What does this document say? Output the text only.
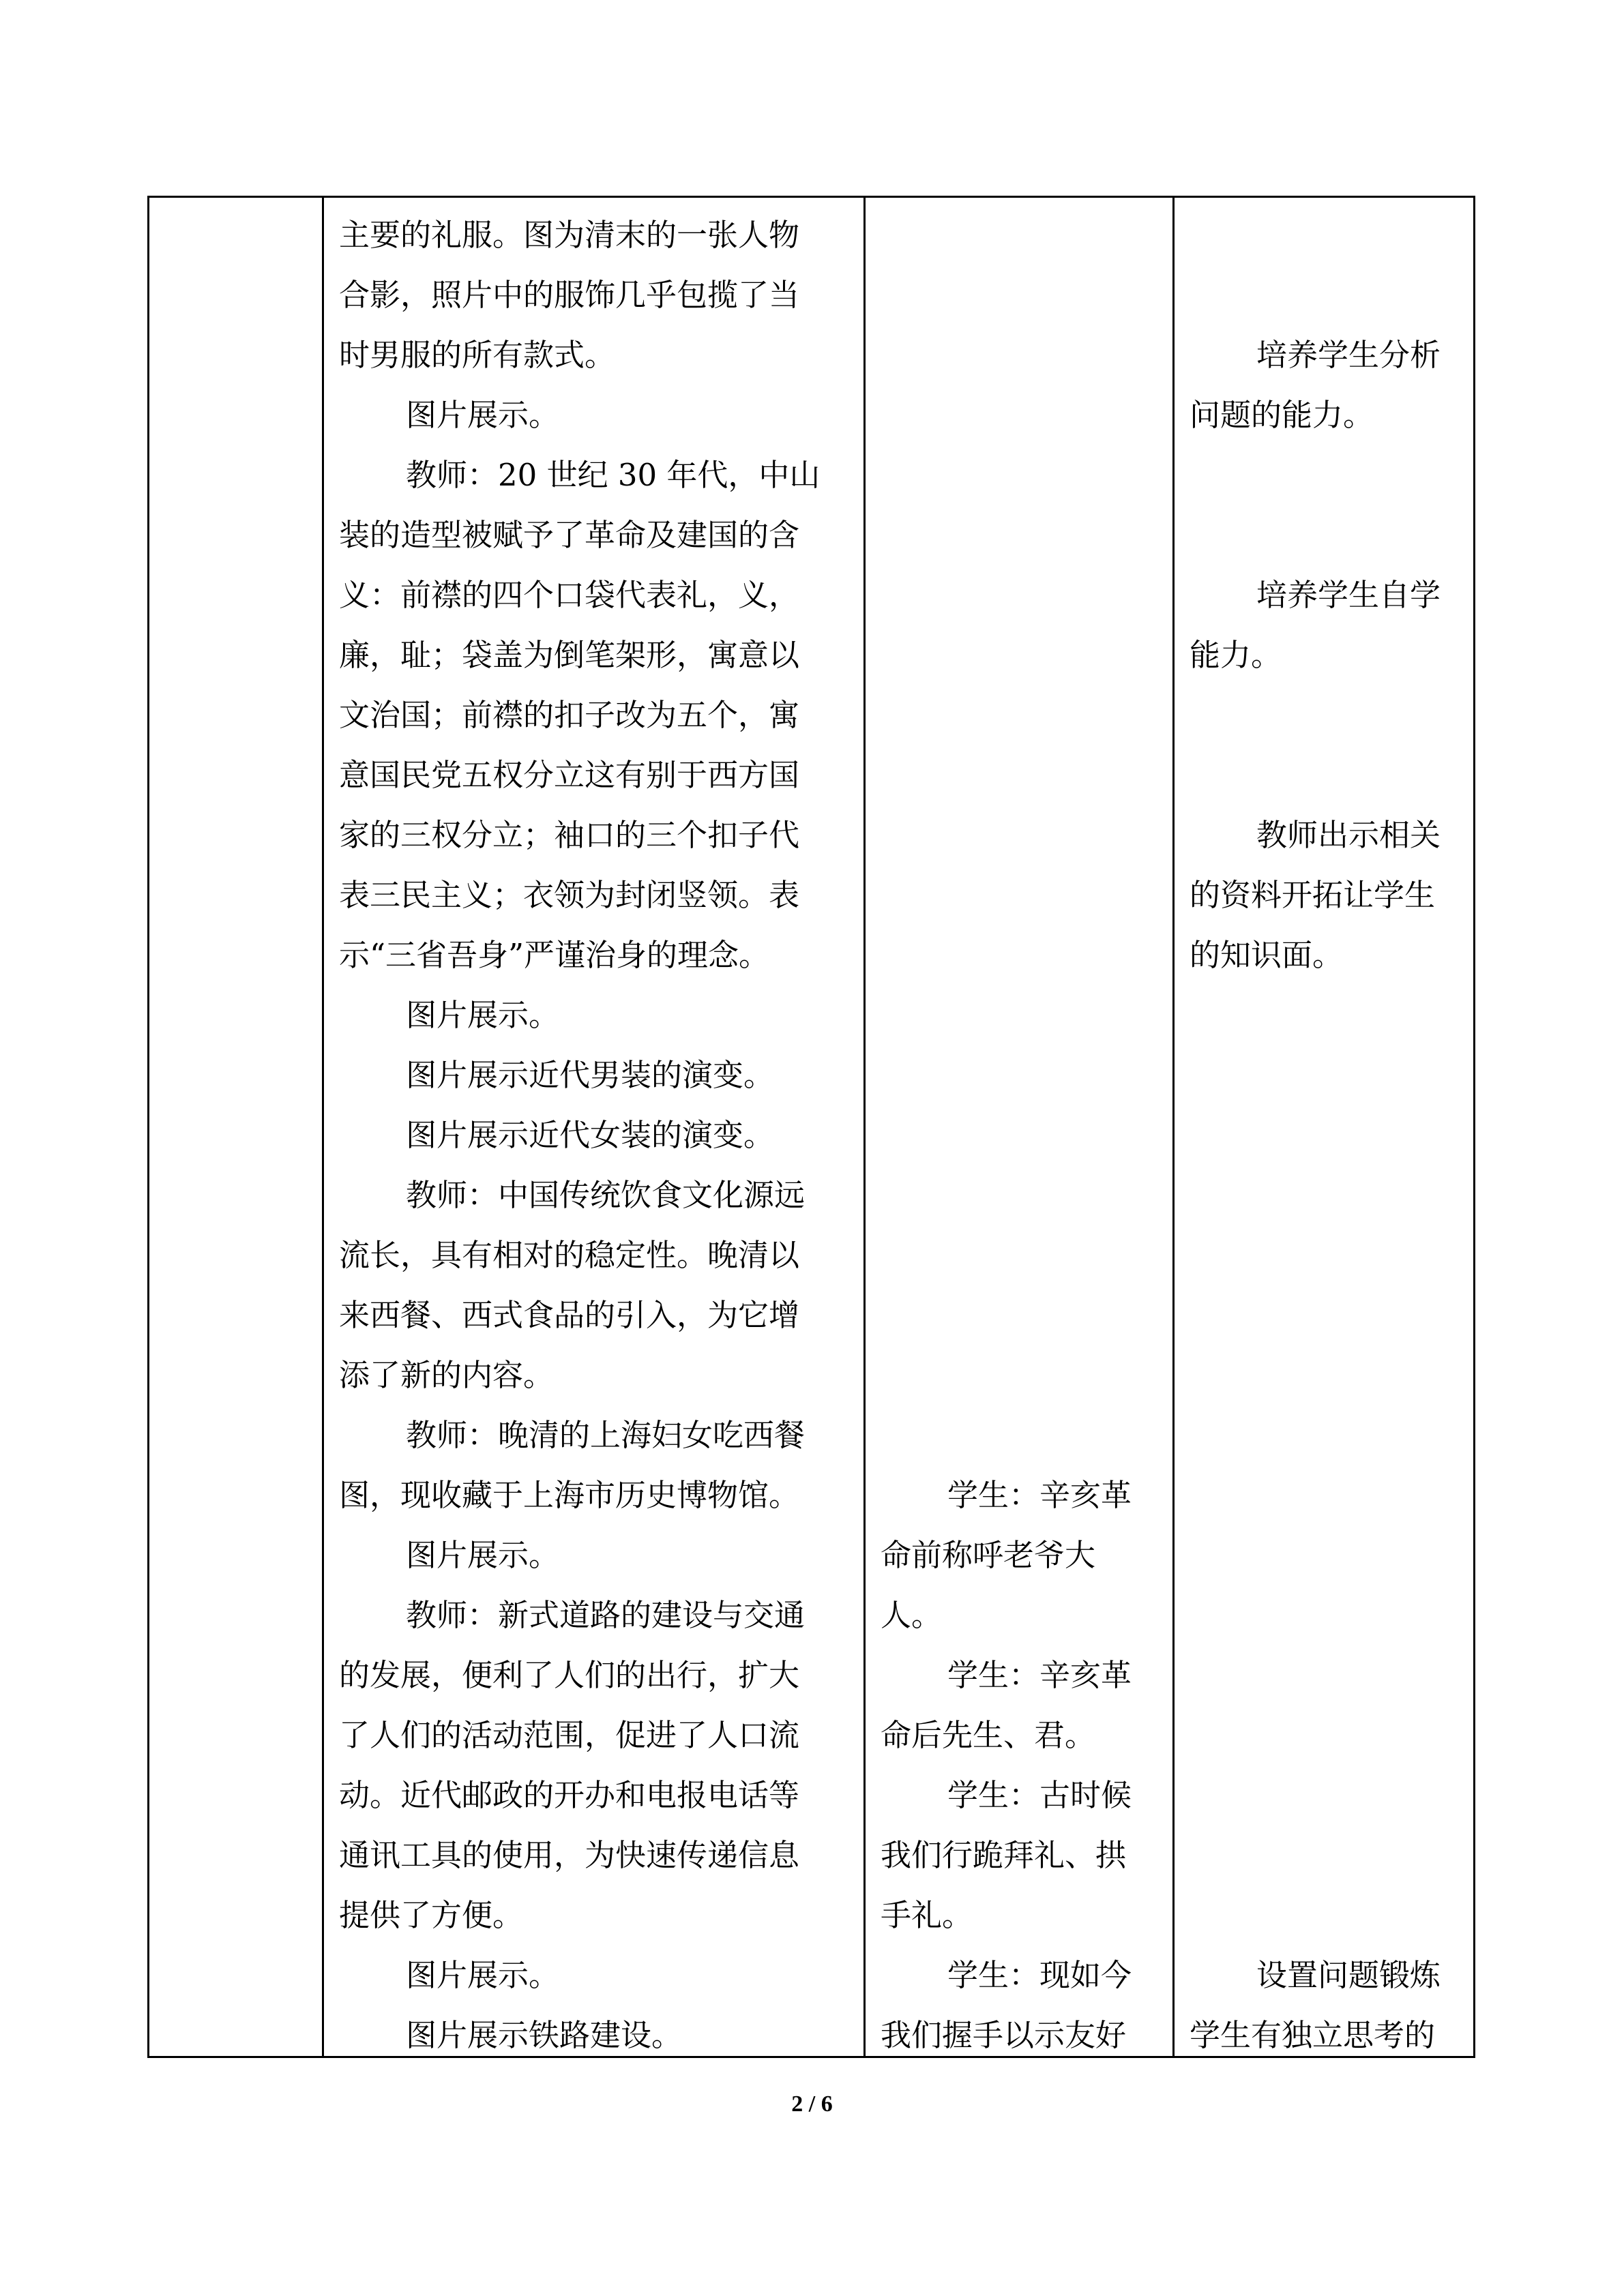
主要的礼服。图为清末的一张人物
合影，照片中的服饰几乎包揽了当
时男服的所有款式。
图片展示。
教师：20 世纪 30 年代，中山
装的造型被赋予了革命及建国的含
义：前襟的四个口袋代表礼，义，
廉，耻；袋盖为倒笔架形，寓意以
文治国；前襟的扣子改为五个，寓
意国民党五权分立这有别于西方国
家的三权分立；袖口的三个扣子代
表三民主义；衣领为封闭竖领。表
示“三省吾身”严谨治身的理念。
图片展示。
图片展示近代男装的演变。
图片展示近代女装的演变。
教师：中国传统饮食文化源远
流长，具有相对的稳定性。晚清以
来西餐、西式食品的引入，为它增
添了新的内容。
教师：晚清的上海妇女吃西餐
图，现收藏于上海市历史博物馆。
图片展示。
教师：新式道路的建设与交通
的发展，便利了人们的出行，扩大
了人们的活动范围，促进了人口流
动。近代邮政的开办和电报电话等
通讯工具的使用，为快速传递信息
提供了方便。
图片展示。
图片展示铁路建设。
学生：辛亥革
命前称呼老爷大
人。
学生：辛亥革
命后先生、君。
学生：古时候
我们行跪拜礼、拱
手礼。
学生：现如今
我们握手以示友好
培养学生分析
问题的能力。
培养学生自学
能力。
教师出示相关
的资料开拓让学生
的知识面。
设置问题锻炼
学生有独立思考的
2 / 6
